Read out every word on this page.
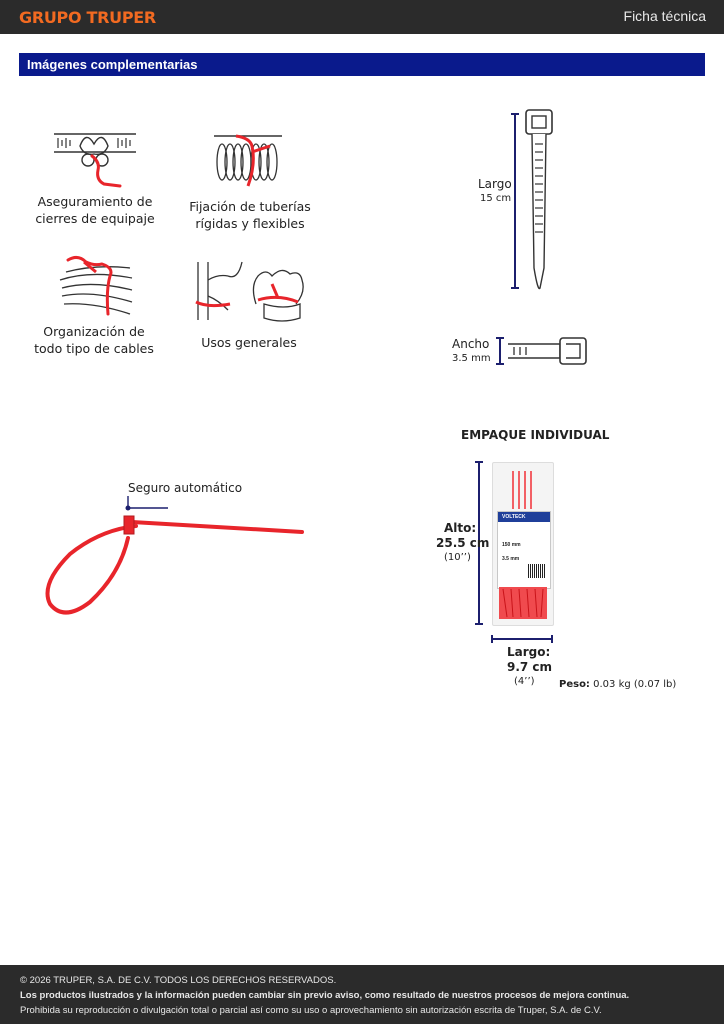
GRUPO TRUPER	Ficha técnica
Imágenes complementarias
Aseguramiento de
cierres de equipaje
Fijación de tuberías
rígidas y flexibles
Organización de
todo tipo de cables	Usos generales
Largo
15 cm
Ancho
3.5 mm
Seguro automático
EMPAQUE INDIVIDUAL
VOLTECK
150 mm
3.5 mm
Alto:
25.5 cm
(10’’)
Largo:
9.7 cm
(4’’) Peso: 0.03 kg (0.07 lb)
© 2026 TRUPER, S.A. DE C.V. TODOS LOS DERECHOS RESERVADOS.
Los productos ilustrados y la información pueden cambiar sin previo aviso, como resultado de nuestros procesos de mejora continua.
Prohibida su reproducción o divulgación total o parcial así como su uso o aprovechamiento sin autorización escrita de Truper, S.A. de C.V.
